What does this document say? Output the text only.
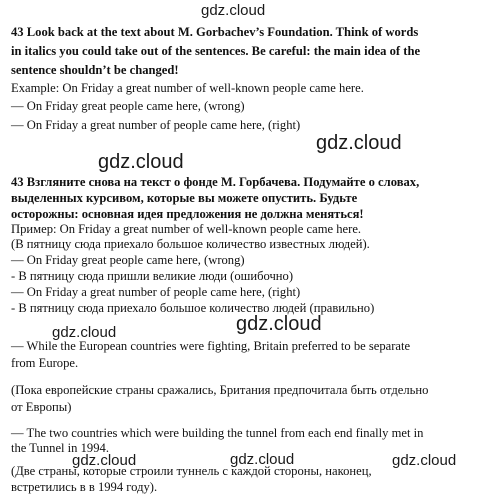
43 Look back at the text about M. Gorbachev’s Foundation. Think of words
in italics you could take out of the sentences. Be careful: the main idea of the
sentence shouldn’t be changed!
Example: On Friday a great number of well-known people came here.
— On Friday great people came here, (wrong)
— On Friday a great number of people came here, (right)
43 Взгляните снова на текст о фонде М. Горбачева. Подумайте о словах,
выделенных курсивом, которые вы можете опустить. Будьте
осторожны: основная идея предложения не должна меняться!
Пример: On Friday a great number of well-known people came here.
(В пятницу сюда приехало большое количество известных людей).
— On Friday great people came here, (wrong)
- В пятницу сюда пришли великие люди (ошибочно)
— On Friday a great number of people came here, (right)
- В пятницу сюда приехало большое количество людей (правильно)
— While the European countries were fighting, Britain preferred to be separate
from Europe.
(Пока европейские страны сражались, Британия предпочитала быть отдельно
от Европы)
— The two countries which were building the tunnel from each end finally met in
the Tunnel in 1994.
(Две страны, которые строили туннель с каждой стороны, наконец,
встретились в в 1994 году).
gdz.cloud
gdz.cloud
gdz.cloud
gdz.cloud	gdz.cloud
gdz.cloud	gdz.cloud	gdz.cloud
